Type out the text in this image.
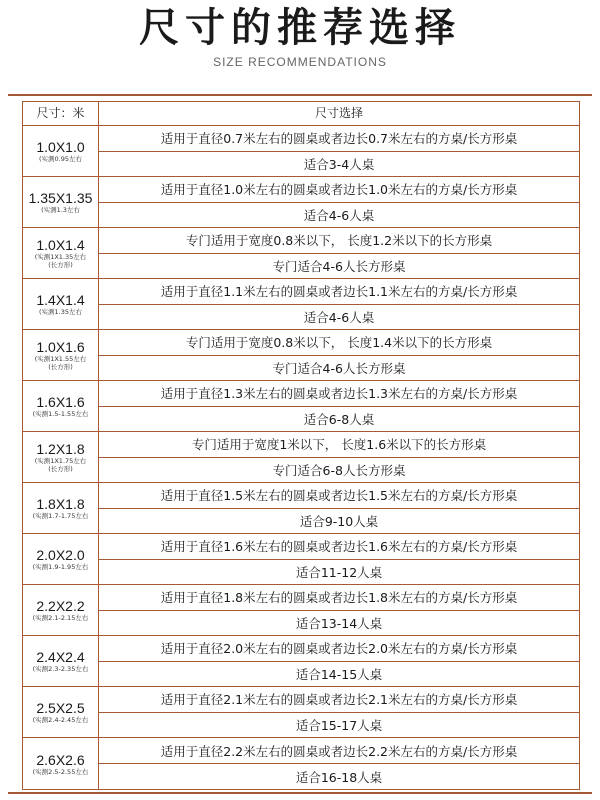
尺寸的推荐选择
SIZE RECOMMENDATIONS
尺寸：米	尺寸选择
1.0X1.0
(实测0.95左右
适用于直径0.7米左右的圆桌或者边长0.7米左右的方桌/长方形桌
适合3-4人桌
1.35X1.35
(实测1.3左右
适用于直径1.0米左右的圆桌或者边长1.0米左右的方桌/长方形桌
适合4-6人桌
1.0X1.4
(实测1X1.35左右
(长方形)
专门适用于宽度0.8米以下， 长度1.2米以下的长方形桌
专门适合4-6人长方形桌
1.4X1.4
(实测1.35左右
适用于直径1.1米左右的圆桌或者边长1.1米左右的方桌/长方形桌
适合4-6人桌
1.0X1.6
(实测1X1.55左右
(长方形)
专门适用于宽度0.8米以下， 长度1.4米以下的长方形桌
专门适合4-6人长方形桌
1.6X1.6
(实测1.5-1.55左右
适用于直径1.3米左右的圆桌或者边长1.3米左右的方桌/长方形桌
适合6-8人桌
1.2X1.8
(实测1X1.75左右
(长方形)
专门适用于宽度1米以下， 长度1.6米以下的长方形桌
专门适合6-8人长方形桌
1.8X1.8
(实测1.7-1.75左右
适用于直径1.5米左右的圆桌或者边长1.5米左右的方桌/长方形桌
适合9-10人桌
2.0X2.0
(实测1.9-1.95左右
适用于直径1.6米左右的圆桌或者边长1.6米左右的方桌/长方形桌
适合11-12人桌
2.2X2.2
(实测2.1-2.15左右
适用于直径1.8米左右的圆桌或者边长1.8米左右的方桌/长方形桌
适合13-14人桌
2.4X2.4
(实测2.3-2.35左右
适用于直径2.0米左右的圆桌或者边长2.0米左右的方桌/长方形桌
适合14-15人桌
2.5X2.5
(实测2.4-2.45左右
适用于直径2.1米左右的圆桌或者边长2.1米左右的方桌/长方形桌
适合15-17人桌
2.6X2.6
(实测2.5-2.55左右
适用于直径2.2米左右的圆桌或者边长2.2米左右的方桌/长方形桌
适合16-18人桌
